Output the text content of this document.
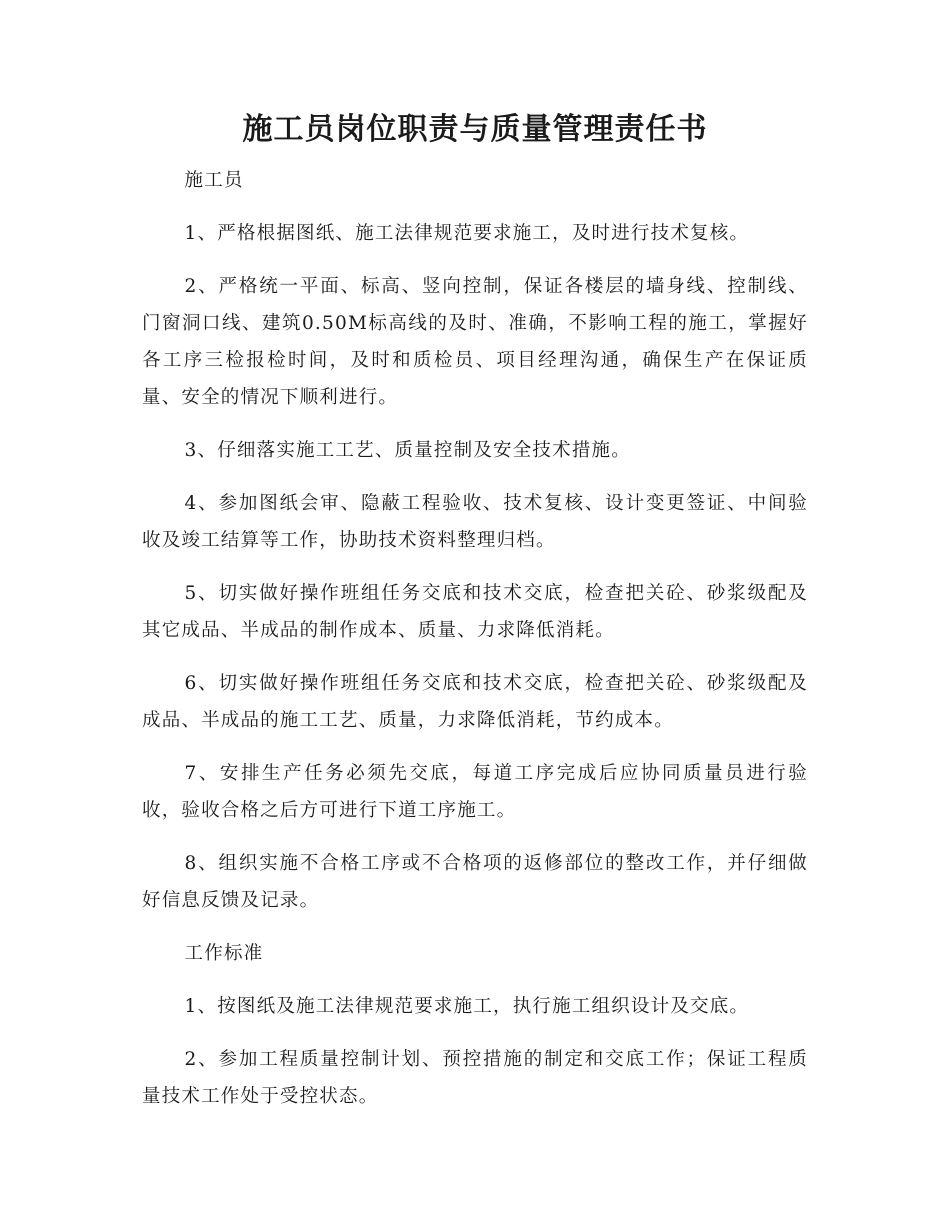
施工员岗位职责与质量管理责任书

施工员

1、严格根据图纸、施工法律规范要求施工，及时进行技术复核。

2、严格统一平面、标高、竖向控制，保证各楼层的墙身线、控制线、门窗洞口线、建筑0.50M标高线的及时、准确，不影响工程的施工，掌握好各工序三检报检时间，及时和质检员、项目经理沟通，确保生产在保证质量、安全的情况下顺利进行。

3、仔细落实施工工艺、质量控制及安全技术措施。

4、参加图纸会审、隐蔽工程验收、技术复核、设计变更签证、中间验收及竣工结算等工作，协助技术资料整理归档。

5、切实做好操作班组任务交底和技术交底，检查把关砼、砂浆级配及其它成品、半成品的制作成本、质量、力求降低消耗。

6、切实做好操作班组任务交底和技术交底，检查把关砼、砂浆级配及成品、半成品的施工工艺、质量，力求降低消耗，节约成本。

7、安排生产任务必须先交底，每道工序完成后应协同质量员进行验收，验收合格之后方可进行下道工序施工。

8、组织实施不合格工序或不合格项的返修部位的整改工作，并仔细做好信息反馈及记录。

工作标准

1、按图纸及施工法律规范要求施工，执行施工组织设计及交底。

2、参加工程质量控制计划、预控措施的制定和交底工作；保证工程质量技术工作处于受控状态。
